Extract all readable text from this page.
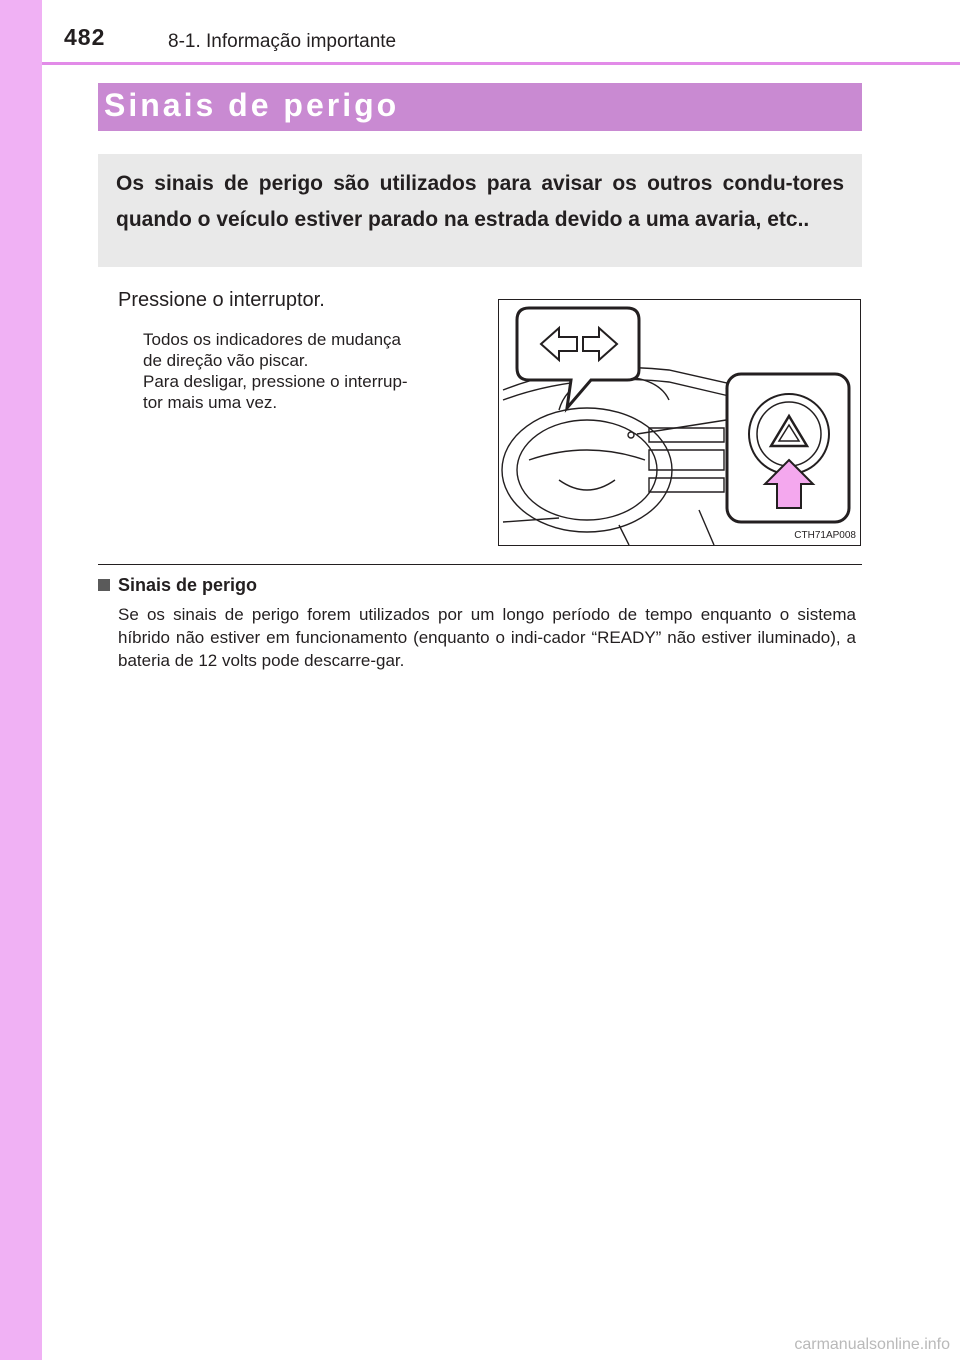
482	8-1. Informação importante
Sinais de perigo

Os sinais de perigo são utilizados para avisar os outros condu-tores quando o veículo estiver parado na estrada devido a uma avaria, etc..

Pressione o interruptor.

Todos os indicadores de mudança
de direção vão piscar.
Para desligar, pressione o interrup-
tor mais uma vez.

CTH71AP008
Sinais de perigo

Se os sinais de perigo forem utilizados por um longo período de tempo enquanto o sistema híbrido não estiver em funcionamento (enquanto o indi-cador “READY” não estiver iluminado), a bateria de 12 volts pode descarre-gar.

carmanualsonline.info
